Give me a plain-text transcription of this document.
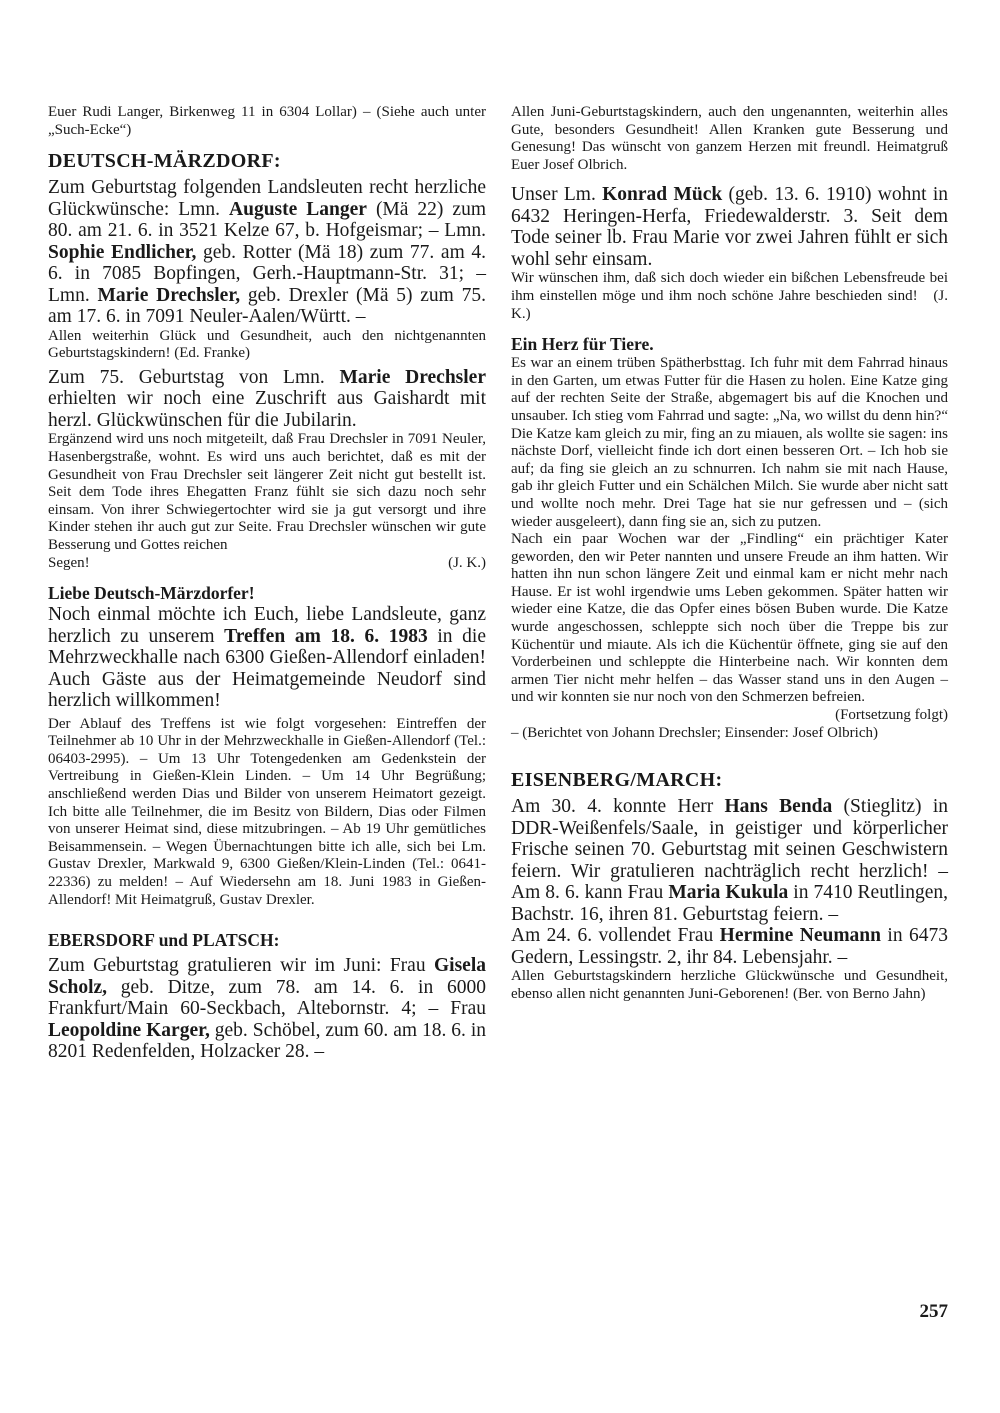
Euer Rudi Langer, Birkenweg 11 in 6304 Lollar) – (Siehe auch unter „Such-Ecke“)

DEUTSCH-MÄRZDORF:

Zum Geburtstag folgenden Landsleuten recht herzliche Glückwünsche: Lmn. Auguste Langer (Mä 22) zum 80. am 21. 6. in 3521 Kelze 67, b. Hofgeismar; – Lmn. Sophie Endlicher, geb. Rotter (Mä 18) zum 77. am 4. 6. in 7085 Bopfingen, Gerh.-Hauptmann-Str. 31; – Lmn. Marie Drechsler, geb. Drexler (Mä 5) zum 75. am 17. 6. in 7091 Neuler-Aalen/Württ. –

Allen weiterhin Glück und Gesundheit, auch den nichtgenannten Geburtstagskindern! (Ed. Franke)

Zum 75. Geburtstag von Lmn. Marie Drechsler erhielten wir noch eine Zuschrift aus Gaishardt mit herzl. Glückwünschen für die Jubilarin.

Ergänzend wird uns noch mitgeteilt, daß Frau Drechsler in 7091 Neuler, Hasenbergstraße, wohnt. Es wird uns auch berichtet, daß es mit der Gesundheit von Frau Drechsler seit längerer Zeit nicht gut bestellt ist. Seit dem Tode ihres Ehegatten Franz fühlt sie sich dazu noch sehr einsam. Von ihrer Schwiegertochter wird sie ja gut versorgt und ihre Kinder stehen ihr auch gut zur Seite. Frau Drechsler wünschen wir gute Besserung und Gottes reichen

Segen!	(J. K.)

Liebe Deutsch-Märzdorfer!

Noch einmal möchte ich Euch, liebe Landsleute, ganz herzlich zu unserem Treffen am 18. 6. 1983 in die Mehrzweckhalle nach 6300 Gießen-Allendorf einladen! Auch Gäste aus der Heimatgemeinde Neudorf sind herzlich willkommen!

Der Ablauf des Treffens ist wie folgt vorgesehen: Eintreffen der Teilnehmer ab 10 Uhr in der Mehrzweckhalle in Gießen-Allendorf (Tel.: 06403-2995). – Um 13 Uhr Totengedenken am Gedenkstein der Vertreibung in Gießen-Klein Linden. – Um 14 Uhr Begrüßung; anschließend werden Dias und Bilder von unserem Heimatort gezeigt. Ich bitte alle Teilnehmer, die im Besitz von Bildern, Dias oder Filmen von unserer Heimat sind, diese mitzubringen. – Ab 19 Uhr gemütliches Beisammensein. – Wegen Übernachtungen bitte ich alle, sich bei Lm. Gustav Drexler, Markwald 9, 6300 Gießen/Klein-Linden (Tel.: 0641-22336) zu melden! – Auf Wiedersehn am 18. Juni 1983 in Gießen-Allendorf! Mit Heimatgruß, Gustav Drexler.

EBERSDORF und PLATSCH:

Zum Geburtstag gratulieren wir im Juni: Frau Gisela Scholz, geb. Ditze, zum 78. am 14. 6. in 6000 Frankfurt/Main 60-Seckbach, Altebornstr. 4; – Frau Leopoldine Karger, geb. Schöbel, zum 60. am 18. 6. in 8201 Redenfelden, Holzacker 28. –

Allen Juni-Geburtstagskindern, auch den ungenannten, weiterhin alles Gute, besonders Gesundheit! Allen Kranken gute Besserung und Genesung! Das wünscht von ganzem Herzen mit freundl. Heimatgruß Euer Josef Olbrich.

Unser Lm. Konrad Mück (geb. 13. 6. 1910) wohnt in 6432 Heringen-Herfa, Friedewalderstr. 3. Seit dem Tode seiner lb. Frau Marie vor zwei Jahren fühlt er sich wohl sehr einsam.

Wir wünschen ihm, daß sich doch wieder ein bißchen Lebensfreude bei ihm einstellen möge und ihm noch schöne Jahre beschieden sind! (J. K.)

Ein Herz für Tiere.

Es war an einem trüben Spätherbsttag. Ich fuhr mit dem Fahrrad hinaus in den Garten, um etwas Futter für die Hasen zu holen. Eine Katze ging auf der rechten Seite der Straße, abgemagert bis auf die Knochen und unsauber. Ich stieg vom Fahrrad und sagte: „Na, wo willst du denn hin?“ Die Katze kam gleich zu mir, fing an zu miauen, als wollte sie sagen: ins nächste Dorf, vielleicht finde ich dort einen besseren Ort. – Ich hob sie auf; da fing sie gleich an zu schnurren. Ich nahm sie mit nach Hause, gab ihr gleich Futter und ein Schälchen Milch. Sie wurde aber nicht satt und wollte noch mehr. Drei Tage hat sie nur gefressen und – (sich wieder ausgeleert), dann fing sie an, sich zu putzen.

Nach ein paar Wochen war der „Findling“ ein prächtiger Kater geworden, den wir Peter nannten und unsere Freude an ihm hatten. Wir hatten ihn nun schon längere Zeit und einmal kam er nicht mehr nach Hause. Er ist wohl irgendwie ums Leben gekommen. Später hatten wir wieder eine Katze, die das Opfer eines bösen Buben wurde. Die Katze wurde angeschossen, schleppte sich noch über die Treppe bis zur Küchentür und miaute. Als ich die Küchentür öffnete, ging sie auf den Vorderbeinen und schleppte die Hinterbeine nach. Wir konnten dem armen Tier nicht mehr helfen – das Wasser stand uns in den Augen – und wir konnten sie nur noch von den Schmerzen befreien.

(Fortsetzung folgt)

– (Berichtet von Johann Drechsler; Einsender: Josef Olbrich)

EISENBERG/MARCH:

Am 30. 4. konnte Herr Hans Benda (Stieglitz) in DDR-Weißenfels/Saale, in geistiger und körperlicher Frische seinen 70. Geburtstag mit seinen Geschwistern feiern. Wir gratulieren nachträglich recht herzlich! – Am 8. 6. kann Frau Maria Kukula in 7410 Reutlingen, Bachstr. 16, ihren 81. Geburtstag feiern. –

Am 24. 6. vollendet Frau Hermine Neumann in 6473 Gedern, Lessingstr. 2, ihr 84. Lebensjahr. –

Allen Geburtstagskindern herzliche Glückwünsche und Gesundheit, ebenso allen nicht genannten Juni-Geborenen! (Ber. von Berno Jahn)

257
